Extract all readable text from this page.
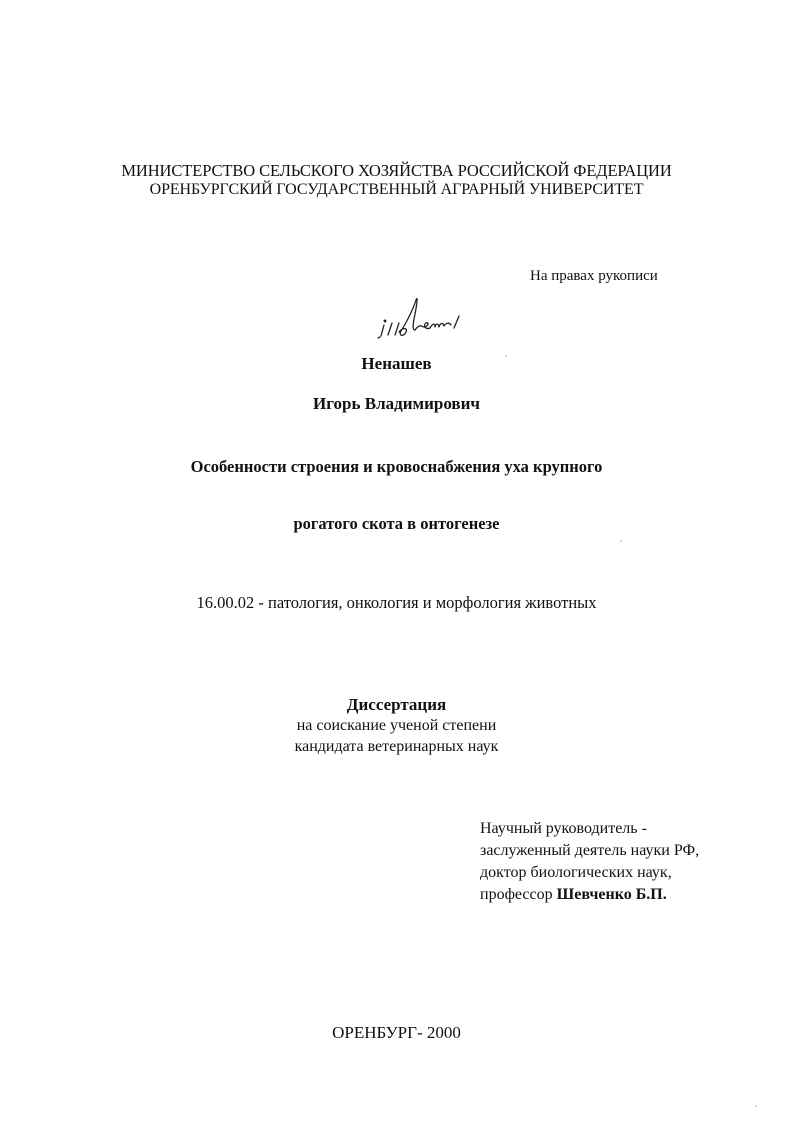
МИНИСТЕРСТВО СЕЛЬСКОГО ХОЗЯЙСТВА РОССИЙСКОЙ ФЕДЕРАЦИИ
ОРЕНБУРГСКИЙ ГОСУДАРСТВЕННЫЙ АГРАРНЫЙ УНИВЕРСИТЕТ
На правах рукописи
Ненашев
Игорь Владимирович
Особенности строения и кровоснабжения уха крупного
рогатого скота в онтогенезе
16.00.02 - патология, онкология и морфология животных
Диссертация
на соискание ученой степени
кандидата ветеринарных наук
Научный руководитель -
заслуженный деятель науки РФ,
доктор биологических наук,
профессор Шевченко Б.П.
ОРЕНБУРГ- 2000
